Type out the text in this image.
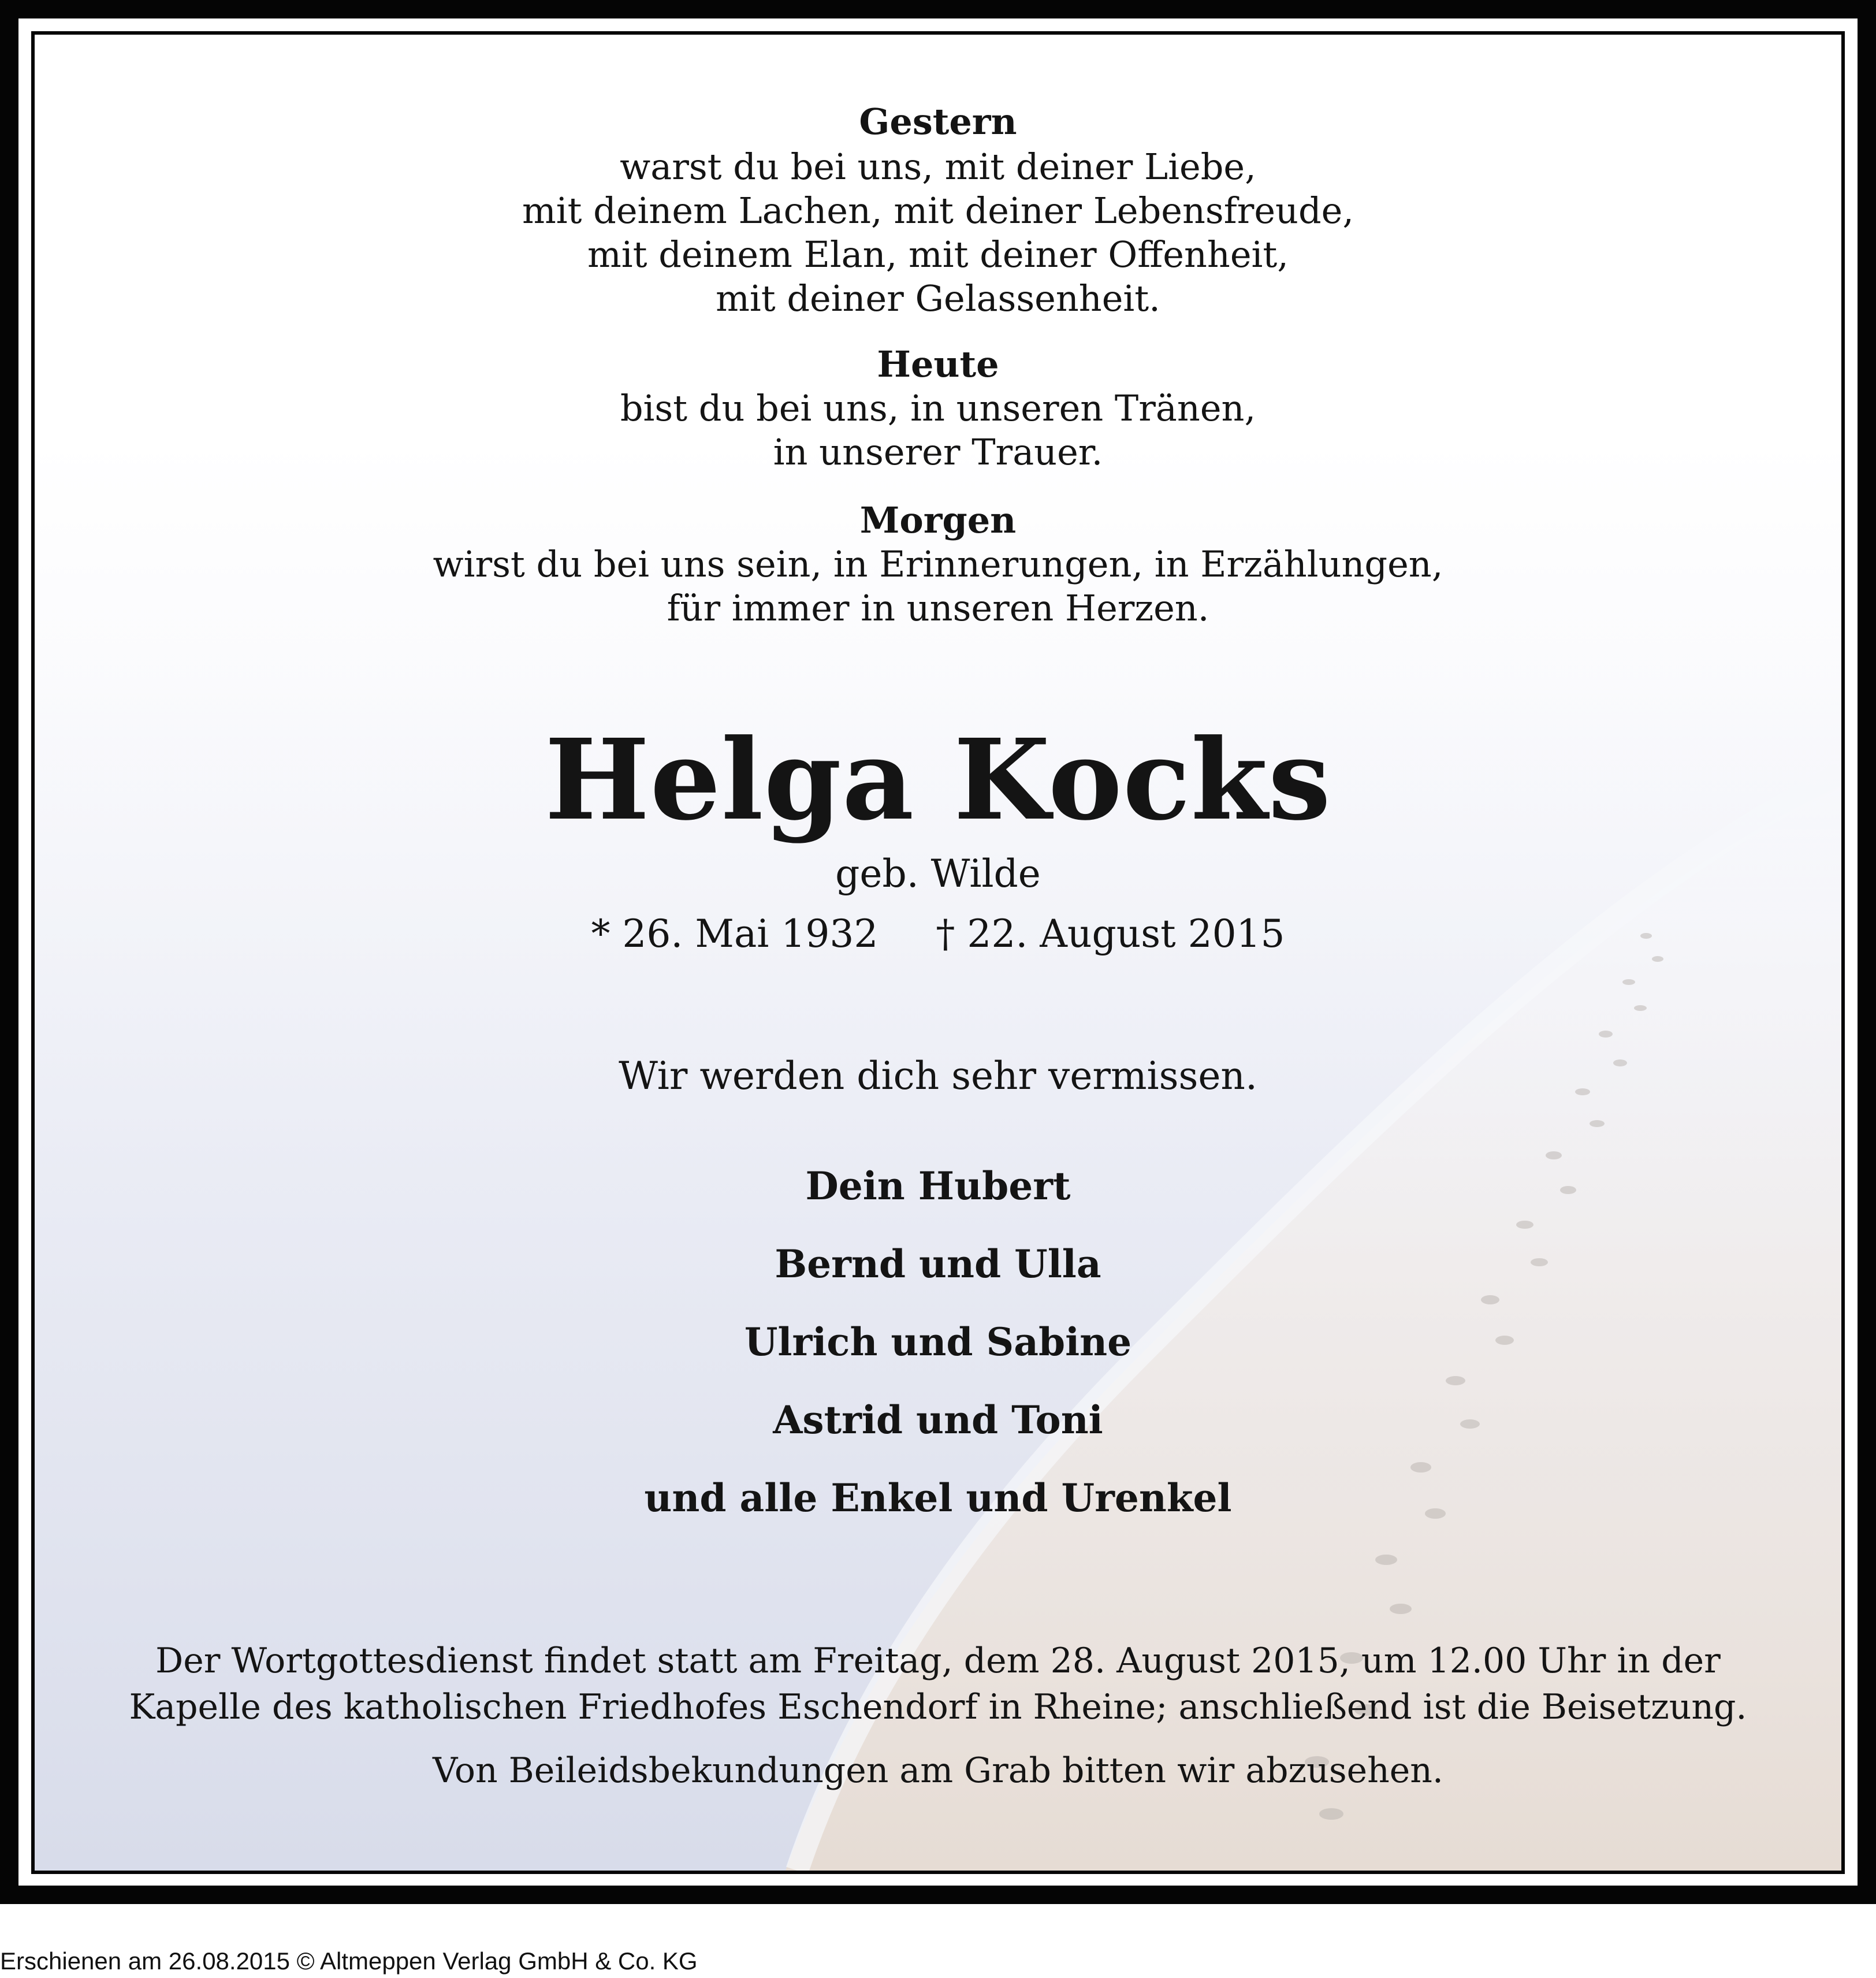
Gestern
warst du bei uns, mit deiner Liebe,
mit deinem Lachen, mit deiner Lebensfreude,
mit deinem Elan, mit deiner Offenheit,
mit deiner Gelassenheit.
Heute
bist du bei uns, in unseren Tränen,
in unserer Trauer.
Morgen
wirst du bei uns sein, in Erinnerungen, in Erzählungen,
für immer in unseren Herzen.
Helga Kocks
geb. Wilde
* 26. Mai 1932 † 22. August 2015
Wir werden dich sehr vermissen.
Dein Hubert
Bernd und Ulla
Ulrich und Sabine
Astrid und Toni
und alle Enkel und Urenkel
Der Wortgottesdienst findet statt am Freitag, dem 28. August 2015, um 12.00 Uhr in der
Kapelle des katholischen Friedhofes Eschendorf in Rheine; anschließend ist die Beisetzung.
Von Beileidsbekundungen am Grab bitten wir abzusehen.
Erschienen am 26.08.2015 © Altmeppen Verlag GmbH & Co. KG
